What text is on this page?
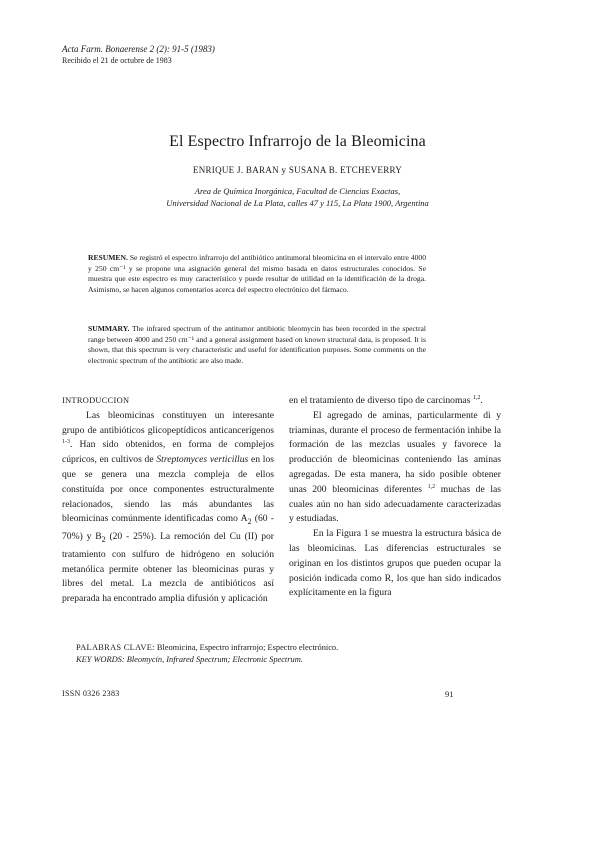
Acta Farm. Bonaerense 2 (2): 91-5 (1983)
Recibido el 21 de octubre de 1983
El Espectro Infrarrojo de la Bleomicina
ENRIQUE J. BARAN y SUSANA B. ETCHEVERRY
Area de Química Inorgánica, Facultad de Ciencias Exactas,
Universidad Nacional de La Plata, calles 47 y 115, La Plata 1900, Argentina
RESUMEN. Se registró el espectro infrarrojo del antibiótico antitumoral bleomicina en el intervalo entre 4000 y 250 cm⁻¹ y se propone una asignación general del mismo basada en datos estructurales conocidos. Se muestra que este espectro es muy característico y puede resultar de utilidad en la identificación de la droga. Asimismo, se hacen algunos comentarios acerca del espectro electrónico del fármaco.
SUMMARY. The infrared spectrum of the antitumor antibiotic bleomycin has been recorded in the spectral range between 4000 and 250 cm⁻¹ and a general assignment based on known structural data, is proposed. It is shown, that this spectrum is very characteristic and useful for identification purposes. Some comments on the electronic spectrum of the antibiotic are also made.
INTRODUCCION

Las bleomicinas constituyen un interesante grupo de antibióticos glicopeptídicos anticancerígenos $^{1-3}$. Han sido obtenidos, en forma de complejos cúpricos, en cultivos de Streptomyces verticillus en los que se genera una mezcla compleja de ellos constituída por once componentes estructuralmente relacionados, siendo las más abundantes las bleomicinas comúnmente identificadas como $A_2$ (60 - 70%) y $B_2$ (20 - 25%). La remoción del Cu (II) por tratamiento con sulfuro de hidrógeno en solución metanólica permite obtener las bleomicinas puras y libres del metal. La mezcla de antibióticos así preparada ha encontrado amplia difusión y aplicación

en el tratamiento de diverso tipo de carcinomas $^{1,2}$.

El agregado de aminas, particularmente di y triaminas, durante el proceso de fermentación inhibe la formación de las mezclas usuales y favorece la producción de bleomicinas conteniendo las aminas agregadas. De esta manera, ha sido posible obtener unas 200 bleomicinas diferentes $^{1,2}$ muchas de las cuales aún no han sido adecuadamente caracterizadas y estudiadas.

En la Figura 1 se muestra la estructura básica de las bleomicinas. Las diferencias estructurales se originan en los distintos grupos que pueden ocupar la posición indicada como R, los que han sido indicados explícitamente en la figura

PALABRAS CLAVE: Bleomicina, Espectro infrarrojo; Espectro electrónico.
KEY WORDS: Bleomycin, Infrared Spectrum; Electronic Spectrum.
ISSN 0326 2383	91
